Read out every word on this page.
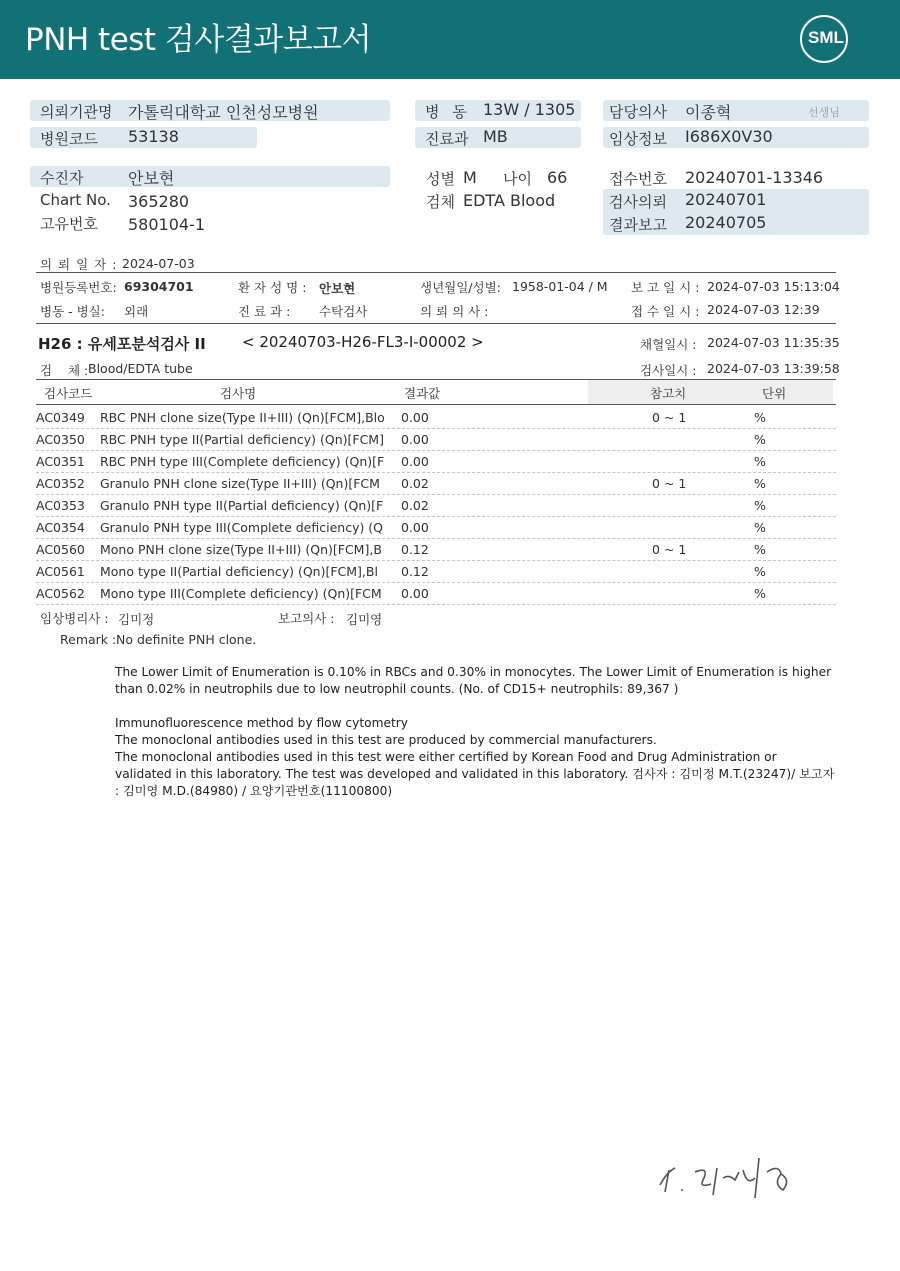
PNH test 검사결과보고서	SML
의뢰기관명 가톨릭대학교 인천성모병원
병원코드 53138
병 동 13W / 1305
진료과 MB
담당의사 이종혁	선생님
임상정보 I686X0V30
수진자	안보현
Chart No. 365280
고유번호 580104-1
성별 M 나이 66
검체 EDTA Blood
접수번호 20240701-13346
검사의뢰 20240701
결과보고 20240705
의 뢰 일 자 : 2024-07-03
병원등록번호: 69304701	환 자 성 명 : 안보현	생년월일/성별: 1958-01-04 / M 보 고 일 시 : 2024-07-03 15:13:04
병동 - 병실: 외래	진 료 과 : 수탁검사	의 뢰 의 사 :	접 수 일 시 : 2024-07-03 12:39
H26 : 유세포분석검사 II < 20240703-H26-FL3-I-00002 >	채혈일시 : 2024-07-03 11:35:35
검    체 : Blood/EDTA tube	검사일시 : 2024-07-03 13:39:58
검사코드	검사명	결과값	참고치	단위
AC0349 RBC PNH clone size(Type II+III) (Qn)[FCM],Blo	0.00	0 ~ 1	%
AC0350 RBC PNH type II(Partial deficiency) (Qn)[FCM]	0.00	%
AC0351 RBC PNH type III(Complete deficiency) (Qn)[F	0.00	%
AC0352 Granulo PNH clone size(Type II+III) (Qn)[FCM	0.02	0 ~ 1	%
AC0353 Granulo PNH type II(Partial deficiency) (Qn)[F	0.02	%
AC0354 Granulo PNH type III(Complete deficiency) (Q	0.00	%
AC0560 Mono PNH clone size(Type II+III) (Qn)[FCM],B	0.12	0 ~ 1	%
AC0561 Mono type II(Partial deficiency) (Qn)[FCM],Bl	0.12	%
AC0562 Mono type III(Complete deficiency) (Qn)[FCM	0.00	%
임상병리사 : 김미정	보고의사 : 김미영
Remark : No definite PNH clone.
The Lower Limit of Enumeration is 0.10% in RBCs and 0.30% in monocytes. The Lower Limit of Enumeration is higher than 0.02% in neutrophils due to low neutrophil counts. (No. of CD15+ neutrophils: 89,367 )
Immunofluorescence method by flow cytometry
The monoclonal antibodies used in this test are produced by commercial manufacturers.
The monoclonal antibodies used in this test were either certified by Korean Food and Drug Administration or validated in this laboratory. The test was developed and validated in this laboratory. 검사자 : 김미정 M.T.(23247)/ 보고자 : 김미영 M.D.(84980) / 요양기관번호(11100800)
